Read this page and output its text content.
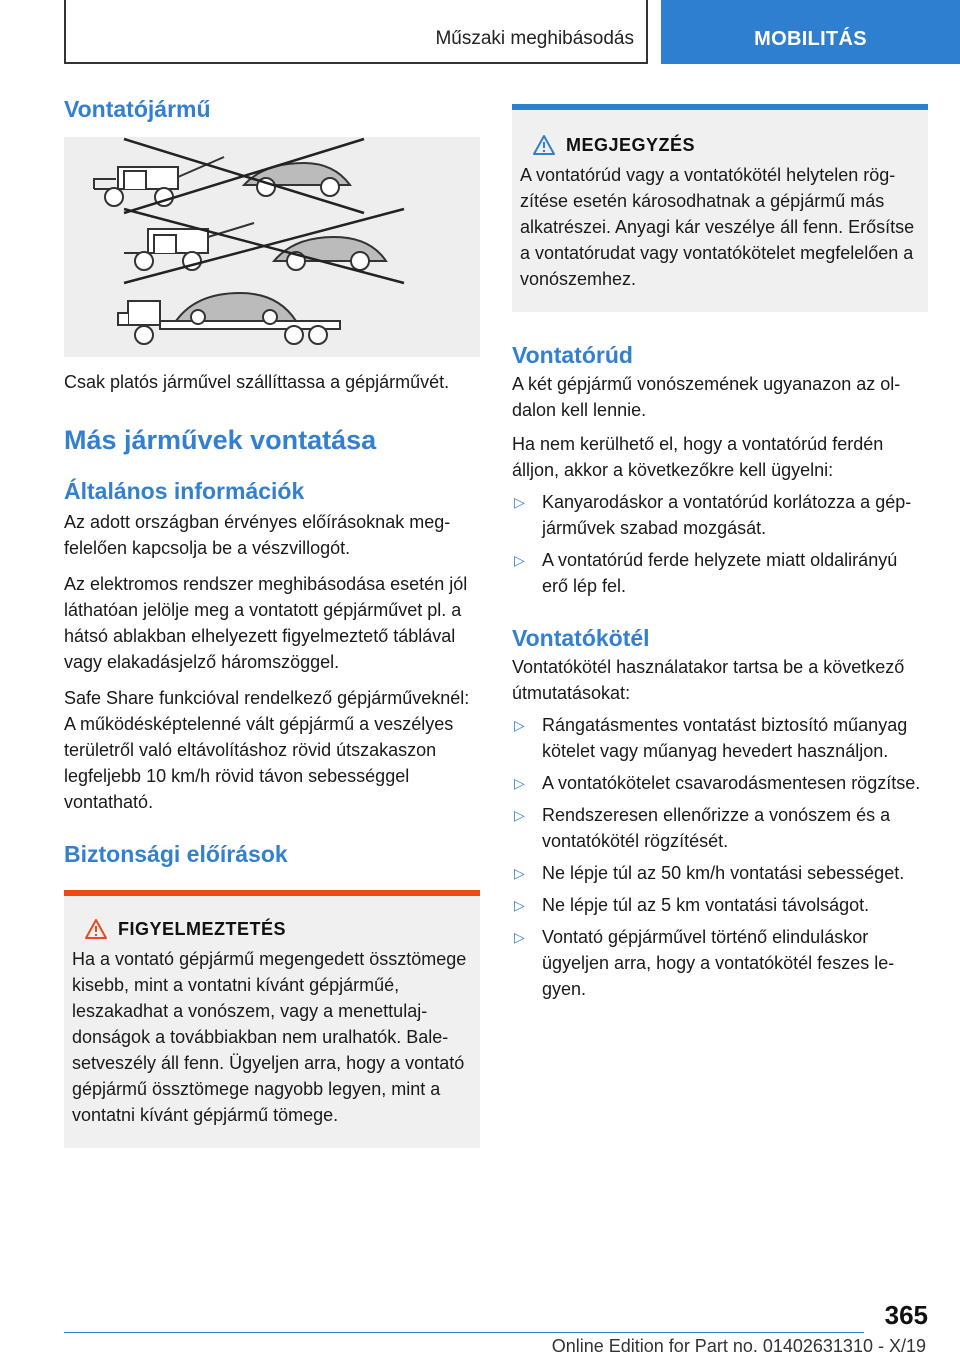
Műszaki meghibásodás	MOBILITÁS
Vontatójármű

Csak platós járművel szállíttassa a gépjárművét.

Más járművek vontatása
Általános információk

Az adott országban érvényes előírásoknak megfelelően kapcsolja be a vészvillogót.

Az elektromos rendszer meghibásodása esetén jól láthatóan jelölje meg a vontatott gépjárművet pl. a hátsó ablakban elhelyezett figyelmeztető táblával vagy elakadásjelző háromszöggel.

Safe Share funkcióval rendelkező gépjárműveknél: A működésképtelenné vált gépjármű a veszélyes területről való eltávolításhoz rövid útszakaszon legfeljebb 10 km/h rövid távon sebességgel vontatható.

Biztonsági előírások
FIGYELMEZTETÉS

Ha a vontató gépjármű megengedett össztömege kisebb, mint a vontatni kívánt gépjárműé, leszakadhat a vonószem, vagy a menettulajdonságok a továbbiakban nem uralhatók. Balesetveszély áll fenn. Ügyeljen arra, hogy a vontató gépjármű össztömege nagyobb legyen, mint a vontatni kívánt gépjármű tömege.

MEGJEGYZÉS

A vontatórúd vagy a vontatókötél helytelen rögzítése esetén károsodhatnak a gépjármű más alkatrészei. Anyagi kár veszélye áll fenn. Erősítse a vontatórudat vagy vontatókötelet megfelelően a vonószemhez.

Vontatórúd

A két gépjármű vonószemének ugyanazon az oldalon kell lennie.

Ha nem kerülhető el, hogy a vontatórúd ferdén álljon, akkor a következőkre kell ügyelni:

▷ Kanyarodáskor a vontatórúd korlátozza a gépjárművek szabad mozgását.
▷ A vontatórúd ferde helyzete miatt oldalirányú erő lép fel.
Vontatókötél

Vontatókötél használatakor tartsa be a következő útmutatásokat:

▷ Rángatásmentes vontatást biztosító műanyag kötelet vagy műanyag hevedert használjon.
▷ A vontatókötelet csavarodásmentesen rögzítse.
▷ Rendszeresen ellenőrizze a vonószem és a vontatókötél rögzítését.
▷ Ne lépje túl az 50 km/h vontatási sebességet.
▷ Ne lépje túl az 5 km vontatási távolságot.
▷ Vontató gépjárművel történő elinduláskor ügyeljen arra, hogy a vontatókötél feszes legyen.
365
Online Edition for Part no. 01402631310 - X/19
